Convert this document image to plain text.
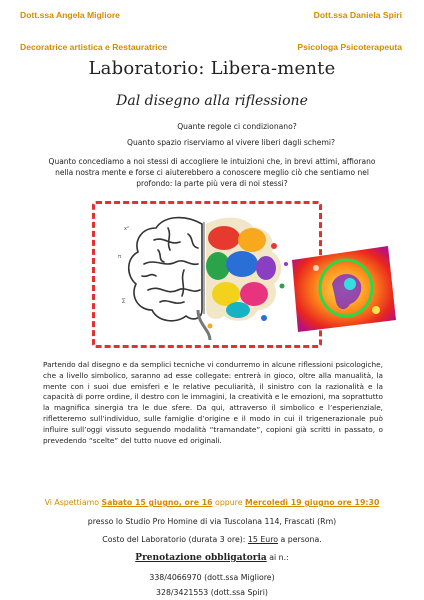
Dott.ssa Angela Migliore
Decoratrice artistica e Restauratrice
Dott.ssa Daniela Spiri
Psicologa Psicoterapeuta
Laboratorio: Libera-mente
Dal disegno alla riflessione
Quante regole ci condizionano?
Quanto spazio riserviamo al vivere liberi dagli schemi?
Quanto concediamo a noi stessi di accogliere le intuizioni che, in brevi attimi, affiorano nella nostra mente e forse ci aiuterebbero a conoscere meglio ciò che sentiamo nel profondo: la parte più vera di noi stessi?
x²
π
∑
Partendo dal disegno e da semplici tecniche vi condurremo in alcune riflessioni psicologiche, che a livello simbolico, saranno ad esse collegate: entrerà in gioco, oltre alla manualità, la mente con i suoi due emisferi e le relative peculiarità, il sinistro con la razionalità e la capacità di porre ordine, il destro con le immagini, la creatività e le emozioni, ma soprattutto la magnifica sinergia tra le due sfere. Da qui, attraverso il simbolico e l’esperienziale, rifletteremo sull’individuo, sulle famiglie d’origine e il modo in cui il trigenerazionale può influire sull’oggi vissuto seguendo modalità “tramandate”, copioni già scritti in passato, o prevedendo “scelte” del tutto nuove ed originali.
Vi Aspettiamo Sabato 15 giugno, ore 16 oppure Mercoledì 19 giugno ore 19:30
presso lo Studio Pro Homine di via Tuscolana 114, Frascati (Rm)
Costo del Laboratorio (durata 3 ore): 15 Euro a persona.
Prenotazione obbligatoria ai n.:
338/4066970 (dott.ssa Migliore)
328/3421553 (dott.ssa Spiri)
